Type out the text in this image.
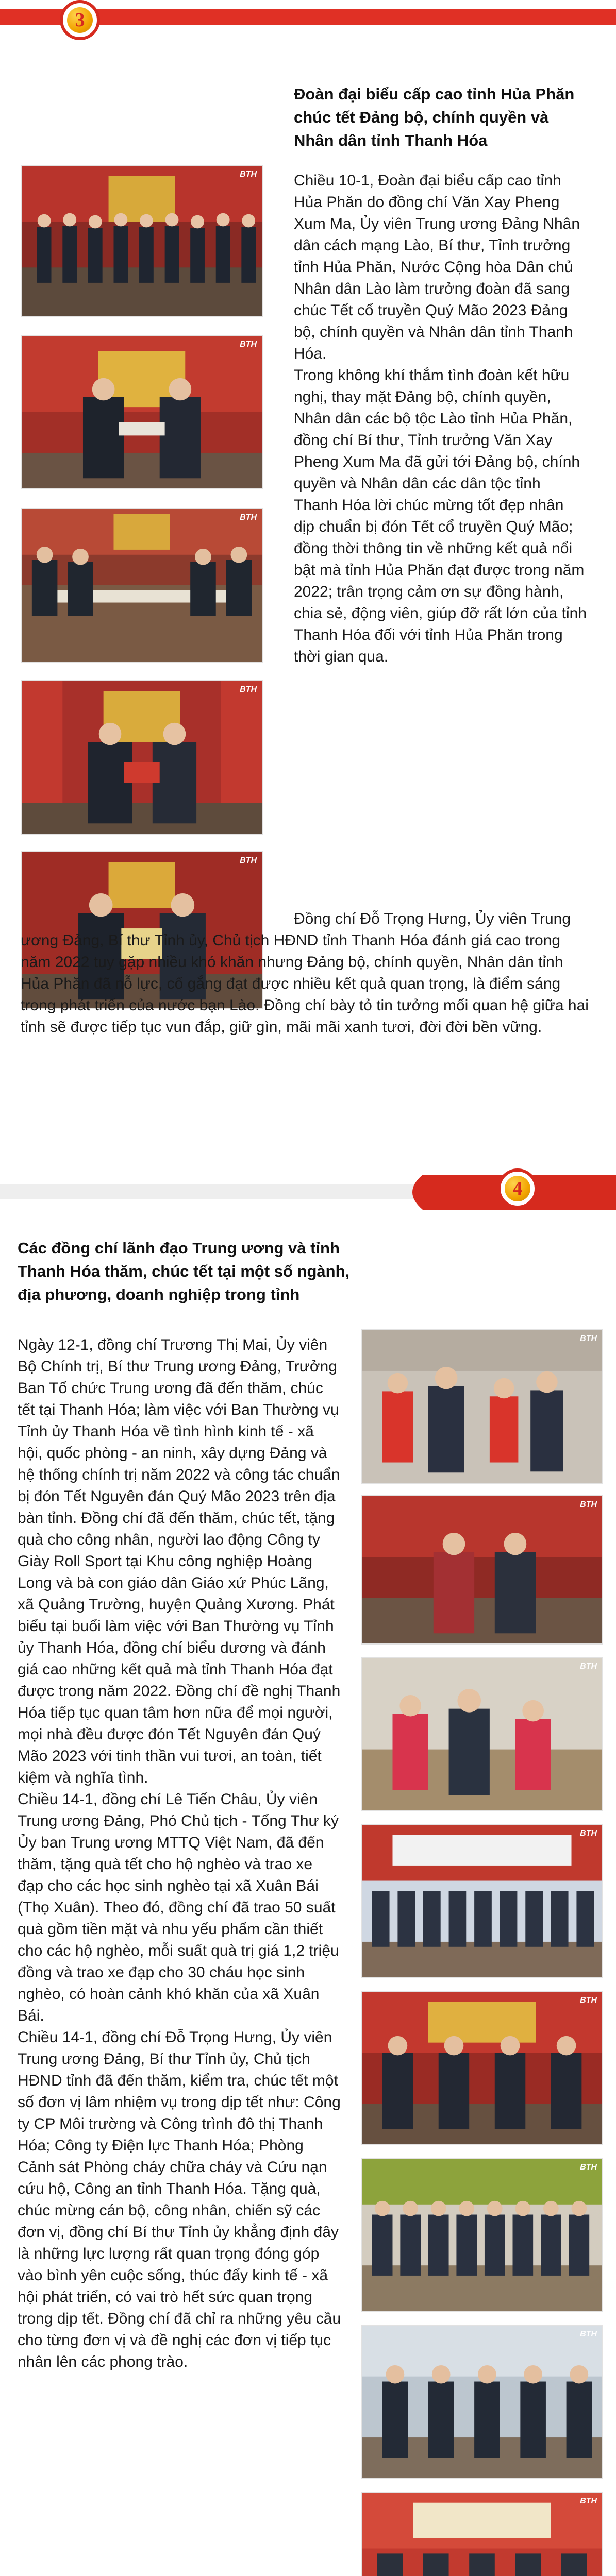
3
Đoàn đại biểu cấp cao tỉnh Hủa Phăn chúc tết Đảng bộ, chính quyền và Nhân dân tỉnh Thanh Hóa
BTH
BTH
BTH
BTH
BTH

Chiều 10-1, Đoàn đại biểu cấp cao tỉnh Hủa Phăn do đồng chí Văn Xay Pheng Xum Ma, Ủy viên Trung ương Đảng Nhân dân cách mạng Lào, Bí thư, Tỉnh trưởng tỉnh Hủa Phăn, Nước Cộng hòa Dân chủ Nhân dân Lào làm trưởng đoàn đã sang chúc Tết cổ truyền Quý Mão 2023 Đảng bộ, chính quyền và Nhân dân tỉnh Thanh Hóa.

Trong không khí thắm tình đoàn kết hữu nghị, thay mặt Đảng bộ, chính quyền, Nhân dân các bộ tộc Lào tỉnh Hủa Phăn, đồng chí Bí thư, Tỉnh trưởng Văn Xay Pheng Xum Ma đã gửi tới Đảng bộ, chính quyền và Nhân dân các dân tộc tỉnh Thanh Hóa lời chúc mừng tốt đẹp nhân dịp chuẩn bị đón Tết cổ truyền Quý Mão; đồng thời thông tin về những kết quả nổi bật mà tỉnh Hủa Phăn đạt được trong năm 2022; trân trọng cảm ơn sự đồng hành, chia sẻ, động viên, giúp đỡ rất lớn của tỉnh Thanh Hóa đối với tỉnh Hủa Phăn trong thời gian qua.

Đồng chí Đỗ Trọng Hưng, Ủy viên Trung ương Đảng, Bí thư Tỉnh ủy, Chủ tịch HĐND tỉnh Thanh Hóa đánh giá cao trong năm 2022 tuy gặp nhiều khó khăn nhưng Đảng bộ, chính quyền, Nhân dân tỉnh Hủa Phăn đã nỗ lực, cố gắng đạt được nhiều kết quả quan trọng, là điểm sáng trong phát triển của nước bạn Lào. Đồng chí bày tỏ tin tưởng mối quan hệ giữa hai tỉnh sẽ được tiếp tục vun đắp, giữ gìn, mãi mãi xanh tươi, đời đời bền vững.

4
Các đồng chí lãnh đạo Trung ương và tỉnh Thanh Hóa thăm, chúc tết tại một số ngành, địa phương, doanh nghiệp trong tỉnh

Ngày 12-1, đồng chí Trương Thị Mai, Ủy viên Bộ Chính trị, Bí thư Trung ương Đảng, Trưởng Ban Tổ chức Trung ương đã đến thăm, chúc tết tại Thanh Hóa; làm việc với Ban Thường vụ Tỉnh ủy Thanh Hóa về tình hình kinh tế - xã hội, quốc phòng - an ninh, xây dựng Đảng và hệ thống chính trị năm 2022 và công tác chuẩn bị đón Tết Nguyên đán Quý Mão 2023 trên địa bàn tỉnh. Đồng chí đã đến thăm, chúc tết, tặng quà cho công nhân, người lao động Công ty Giày Roll Sport tại Khu công nghiệp Hoàng Long và bà con giáo dân Giáo xứ Phúc Lãng, xã Quảng Trường, huyện Quảng Xương. Phát biểu tại buổi làm việc với Ban Thường vụ Tỉnh ủy Thanh Hóa, đồng chí biểu dương và đánh giá cao những kết quả mà tỉnh Thanh Hóa đạt được trong năm 2022. Đồng chí đề nghị Thanh Hóa tiếp tục quan tâm hơn nữa để mọi người, mọi nhà đều được đón Tết Nguyên đán Quý Mão 2023 với tinh thần vui tươi, an toàn, tiết kiệm và nghĩa tình.

Chiều 14-1, đồng chí Lê Tiến Châu, Ủy viên Trung ương Đảng, Phó Chủ tịch - Tổng Thư ký Ủy ban Trung ương MTTQ Việt Nam, đã đến thăm, tặng quà tết cho hộ nghèo và trao xe đạp cho các học sinh nghèo tại xã Xuân Bái (Thọ Xuân). Theo đó, đồng chí đã trao 50 suất quà gồm tiền mặt và nhu yếu phẩm cần thiết cho các hộ nghèo, mỗi suất quà trị giá 1,2 triệu đồng và trao xe đạp cho 30 cháu học sinh nghèo, có hoàn cảnh khó khăn của xã Xuân Bái.

Chiều 14-1, đồng chí Đỗ Trọng Hưng, Ủy viên Trung ương Đảng, Bí thư Tỉnh ủy, Chủ tịch HĐND tỉnh đã đến thăm, kiểm tra, chúc tết một số đơn vị lâm nhiệm vụ trong dịp tết như: Công ty CP Môi trường và Công trình đô thị Thanh Hóa; Công ty Điện lực Thanh Hóa; Phòng Cảnh sát Phòng cháy chữa cháy và Cứu nạn cứu hộ, Công an tỉnh Thanh Hóa. Tặng quà, chúc mừng cán bộ, công nhân, chiến sỹ các đơn vị, đồng chí Bí thư Tỉnh ủy khẳng định đây là những lực lượng rất quan trọng đóng góp vào bình yên cuộc sống, thúc đẩy kinh tế - xã hội phát triển, có vai trò hết sức quan trọng trong dịp tết. Đồng chí đã chỉ ra những yêu cầu cho từng đơn vị và đề nghị các đơn vị tiếp tục nhân lên các phong trào.

BTH
BTH
BTH
BTH
BTH
BTH
BTH
BTH
